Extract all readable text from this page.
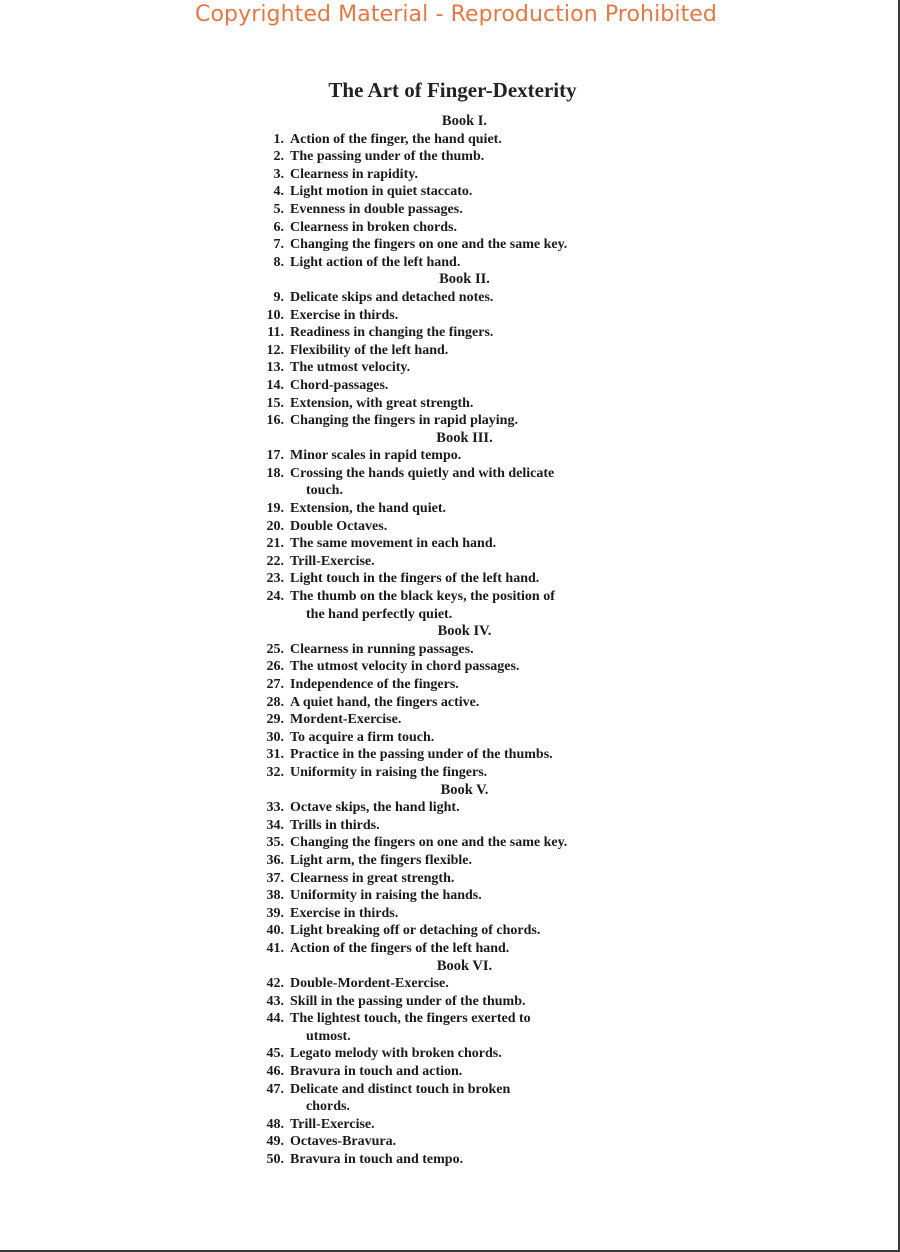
Copyrighted Material - Reproduction Prohibited
The Art of Finger-Dexterity
Book I.
1. Action of the finger, the hand quiet.
2. The passing under of the thumb.
3. Clearness in rapidity.
4. Light motion in quiet staccato.
5. Evenness in double passages.
6. Clearness in broken chords.
7. Changing the fingers on one and the same key.
8. Light action of the left hand.
Book II.
9. Delicate skips and detached notes.
10. Exercise in thirds.
11. Readiness in changing the fingers.
12. Flexibility of the left hand.
13. The utmost velocity.
14. Chord-passages.
15. Extension, with great strength.
16. Changing the fingers in rapid playing.
Book III.
17. Minor scales in rapid tempo.
18. Crossing the hands quietly and with delicate
touch.
19. Extension, the hand quiet.
20. Double Octaves.
21. The same movement in each hand.
22. Trill-Exercise.
23. Light touch in the fingers of the left hand.
24. The thumb on the black keys, the position of
the hand perfectly quiet.
Book IV.
25. Clearness in running passages.
26. The utmost velocity in chord passages.
27. Independence of the fingers.
28. A quiet hand, the fingers active.
29. Mordent-Exercise.
30. To acquire a firm touch.
31. Practice in the passing under of the thumbs.
32. Uniformity in raising the fingers.
Book V.
33. Octave skips, the hand light.
34. Trills in thirds.
35. Changing the fingers on one and the same key.
36. Light arm, the fingers flexible.
37. Clearness in great strength.
38. Uniformity in raising the hands.
39. Exercise in thirds.
40. Light breaking off or detaching of chords.
41. Action of the fingers of the left hand.
Book VI.
42. Double-Mordent-Exercise.
43. Skill in the passing under of the thumb.
44. The lightest touch, the fingers exerted to
utmost.
45. Legato melody with broken chords.
46. Bravura in touch and action.
47. Delicate and distinct touch in broken
chords.
48. Trill-Exercise.
49. Octaves-Bravura.
50. Bravura in touch and tempo.
